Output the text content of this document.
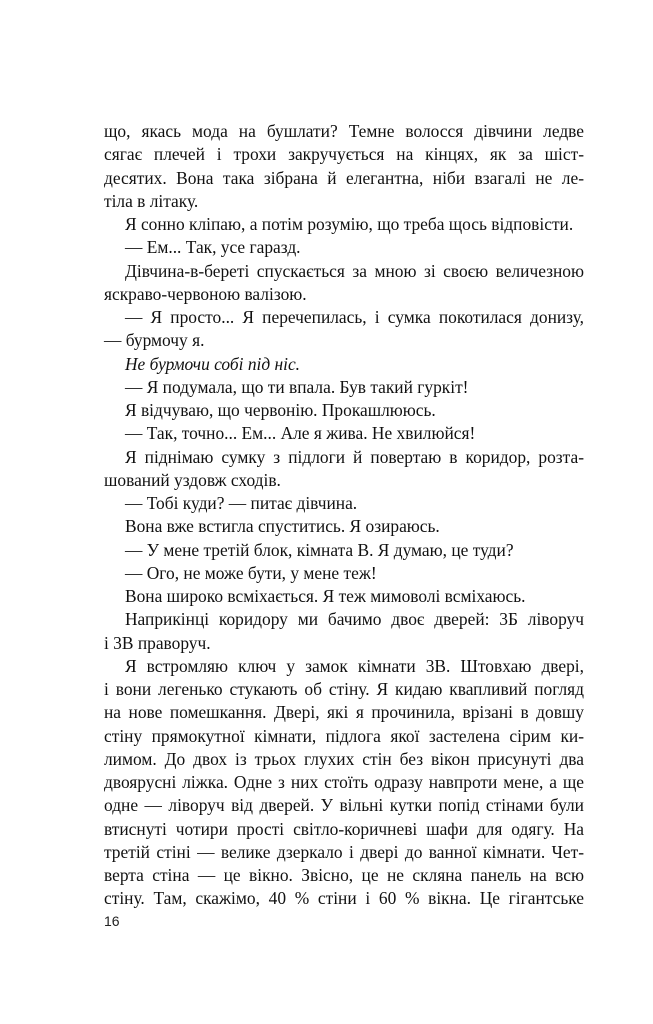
що, якась мода на бушлати? Темне волосся дівчини ледве
сягає плечей і трохи закручується на кінцях, як за шіст-
десятих. Вона така зібрана й елегантна, ніби взагалі не ле-
тіла в літаку.
Я сонно кліпаю, а потім розумію, що треба щось відповісти.
— Ем... Так, усе гаразд.
Дівчина-в-береті спускається за мною зі своєю величезною
яскраво-червоною валізою.
— Я просто... Я перечепилась, і сумка покотилася донизу,
— бурмочу я.
Не бурмочи собі під ніс.
— Я подумала, що ти впала. Був такий гуркіт!
Я відчуваю, що червонію. Прокашлююсь.
— Так, точно... Ем... Але я жива. Не хвилюйся!
Я піднімаю сумку з підлоги й повертаю в коридор, розта-
шований уздовж сходів.
— Тобі куди? — питає дівчина.
Вона вже встигла спуститись. Я озираюсь.
— У мене третій блок, кімната В. Я думаю, це туди?
— Ого, не може бути, у мене теж!
Вона широко всміхається. Я теж мимоволі всміхаюсь.
Наприкінці коридору ми бачимо двоє дверей: 3Б ліворуч
і 3В праворуч.
Я встромляю ключ у замок кімнати 3В. Штовхаю двері,
і вони легенько стукають об стіну. Я кидаю квапливий погляд
на нове помешкання. Двері, які я прочинила, врізані в довшу
стіну прямокутної кімнати, підлога якої застелена сірим ки-
лимом. До двох із трьох глухих стін без вікон присунуті два
двоярусні ліжка. Одне з них стоїть одразу навпроти мене, а ще
одне — ліворуч від дверей. У вільні кутки попід стінами були
втиснуті чотири прості світло-коричневі шафи для одягу. На
третій стіні — велике дзеркало і двері до ванної кімнати. Чет-
верта стіна — це вікно. Звісно, це не скляна панель на всю
стіну. Там, скажімо, 40 % стіни і 60 % вікна. Це гігантське
16
